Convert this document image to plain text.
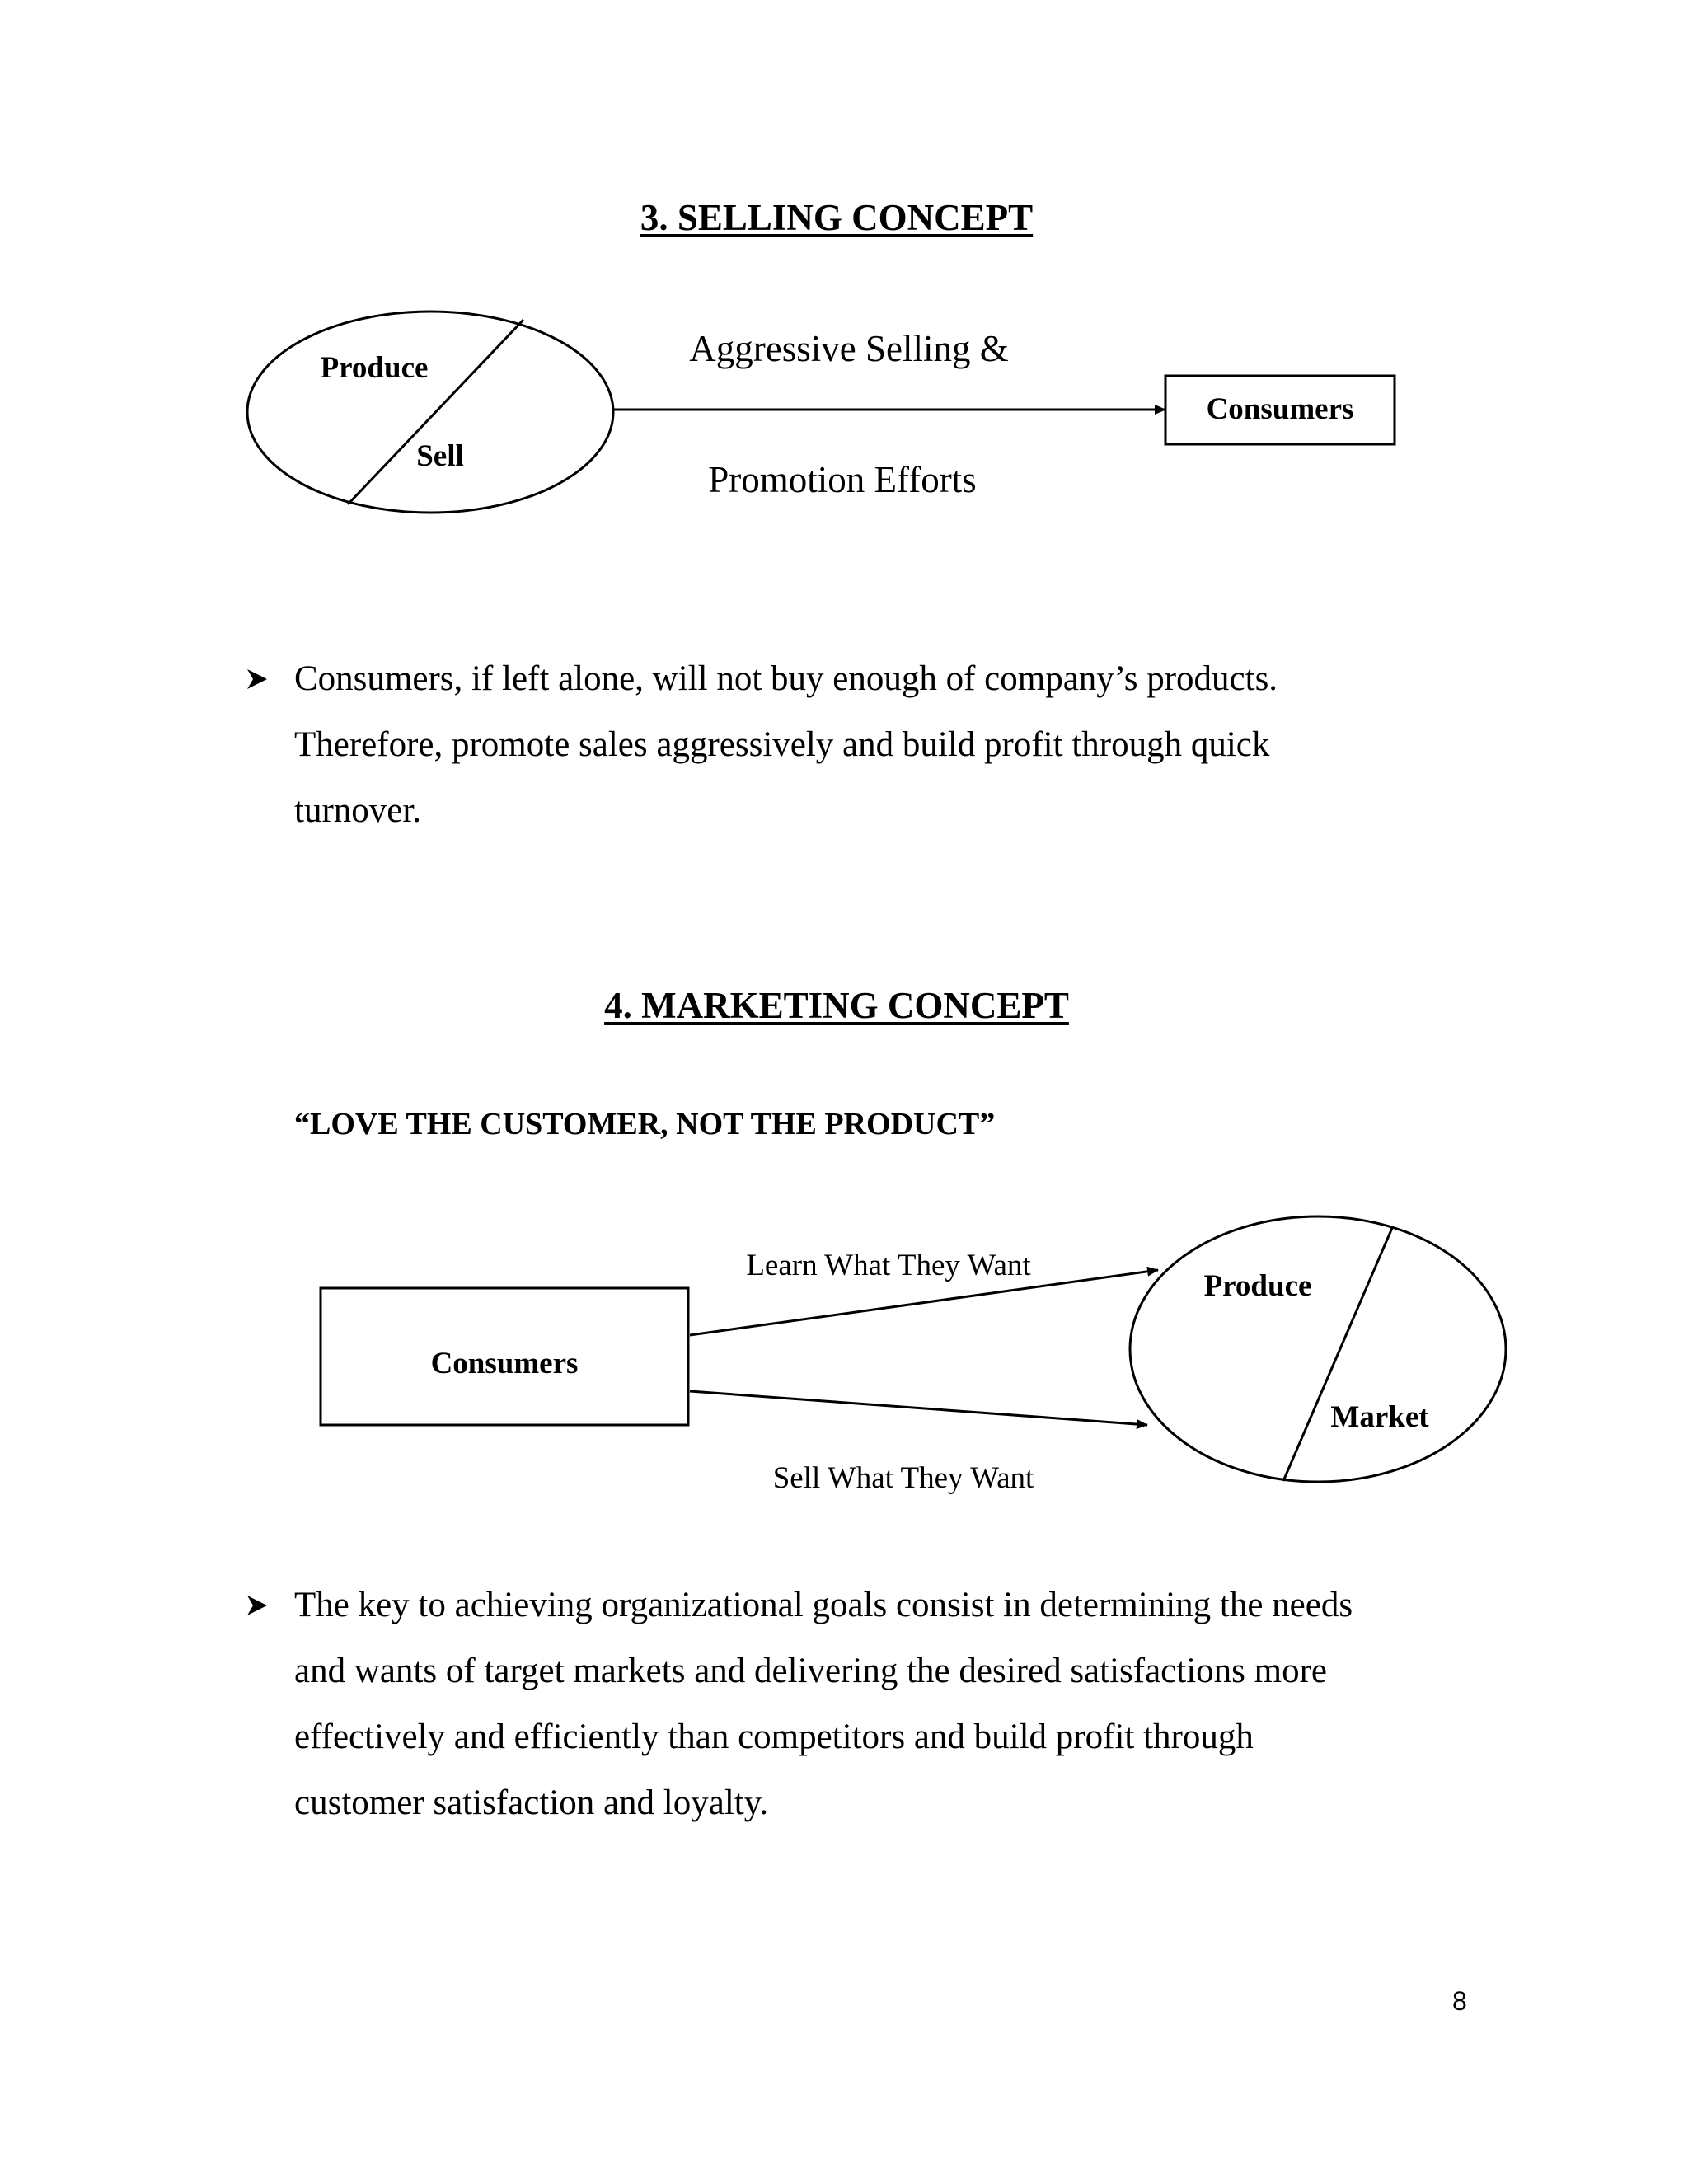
3. SELLING CONCEPT
Produce
Sell
Aggressive Selling &
Promotion Efforts
Consumers
Consumers, if left alone, will not buy enough of company’s products.
Therefore, promote sales aggressively and build profit through quick
turnover.
4. MARKETING CONCEPT
“LOVE THE CUSTOMER, NOT THE PRODUCT”
Consumers
Learn What They Want
Sell What They Want
Produce
Market
The key to achieving organizational goals consist in determining the needs
and wants of target markets and delivering the desired satisfactions more
effectively and efficiently than competitors and build profit through
customer satisfaction and loyalty.
8
